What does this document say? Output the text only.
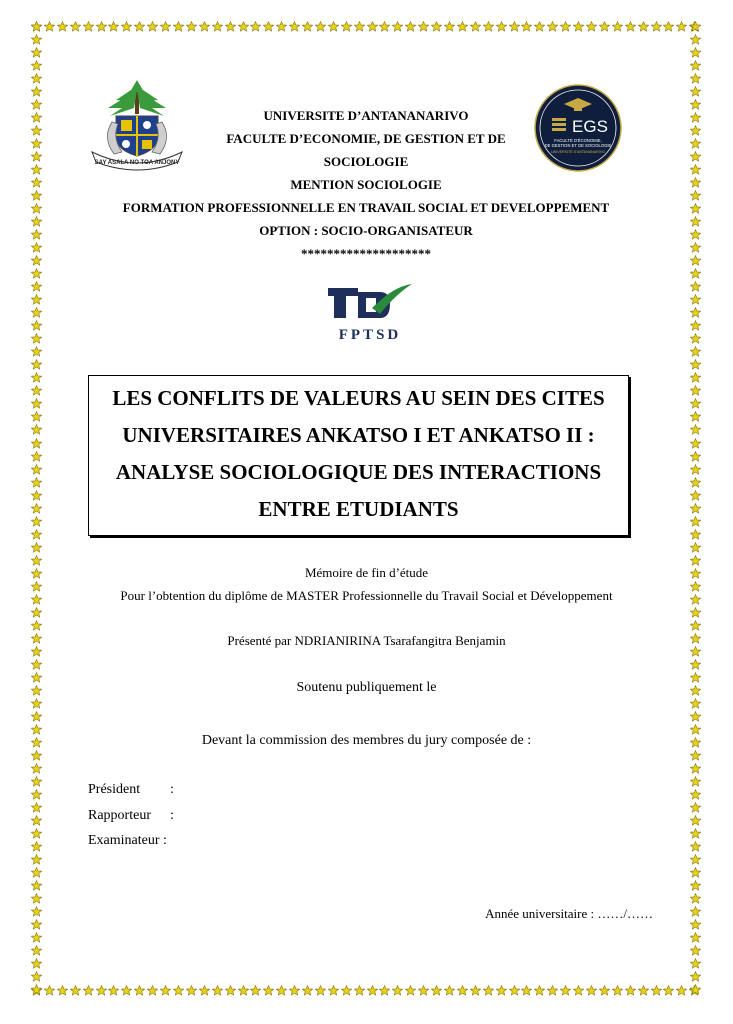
SAY ASALA NO TOA ANJONY
EGS
FACULTÉ D'ÉCONOMIE,
DE GESTION ET DE SOCIOLOGIE
UNIVERSITÉ D'ANTANANARIVO
UNIVERSITE D’ANTANANARIVO
FACULTE D’ECONOMIE, DE GESTION ET DE
SOCIOLOGIE
MENTION SOCIOLOGIE
FORMATION PROFESSIONNELLE EN TRAVAIL SOCIAL ET DEVELOPPEMENT
OPTION : SOCIO-ORGANISATEUR
********************
FPTSD
LES CONFLITS DE VALEURS AU SEIN DES CITES
UNIVERSITAIRES ANKATSO I ET ANKATSO II :
ANALYSE SOCIOLOGIQUE DES INTERACTIONS
ENTRE ETUDIANTS
Mémoire de fin d’étude
Pour l’obtention du diplôme de MASTER Professionnelle du Travail Social et Développement
Présenté par NDRIANIRINA Tsarafangitra Benjamin
Soutenu publiquement le
Devant la commission des membres du jury composée de :
Président :
Rapporteur :
Examinateur :
Année universitaire : ……/……
